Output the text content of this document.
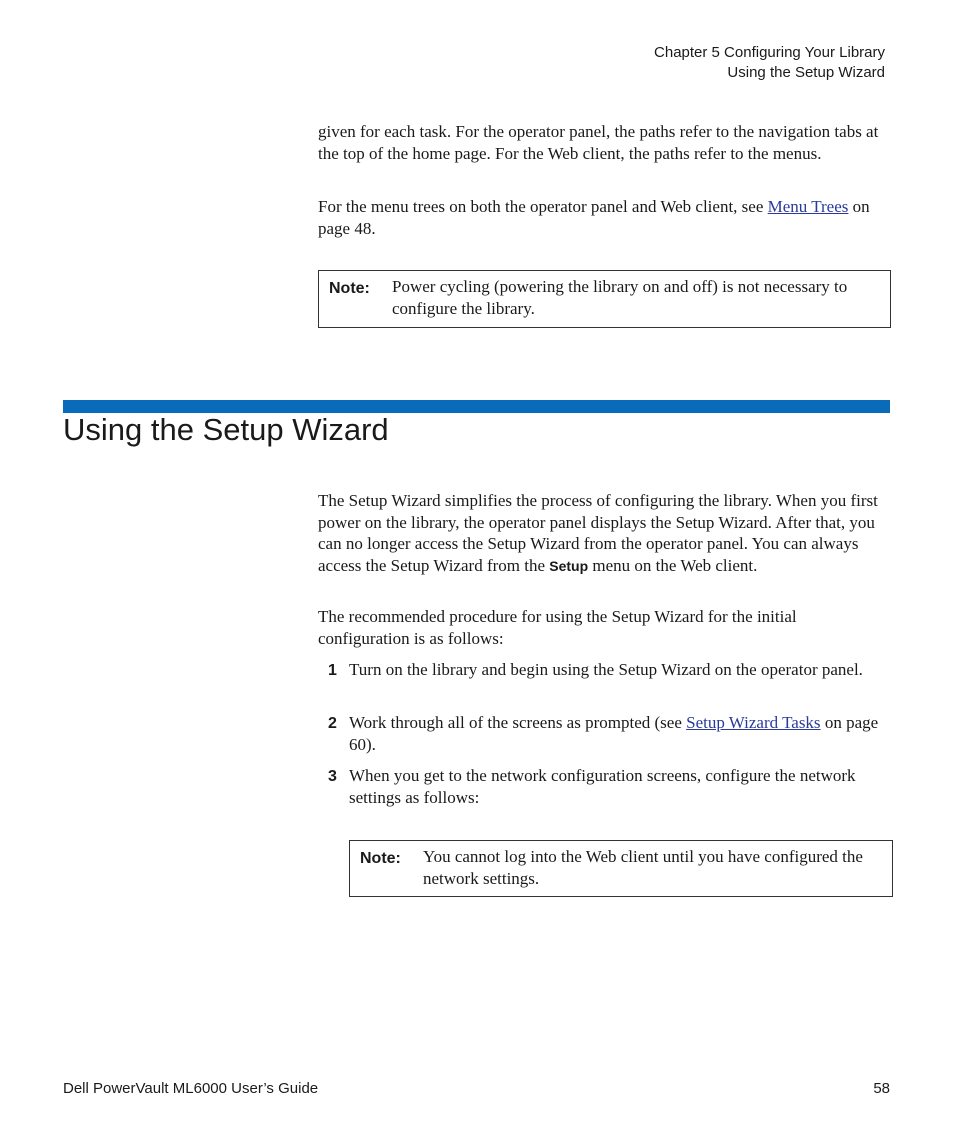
Chapter 5 Configuring Your Library
Using the Setup Wizard

given for each task. For the operator panel, the paths refer to the navigation tabs at the top of the home page. For the Web client, the paths refer to the menus.

For the menu trees on both the operator panel and Web client, see Menu Trees on page 48.

Note: Power cycling (powering the library on and off) is not necessary to configure the library.
Using the Setup Wizard

The Setup Wizard simplifies the process of configuring the library. When you first power on the library, the operator panel displays the Setup Wizard. After that, you can no longer access the Setup Wizard from the operator panel. You can always access the Setup Wizard from the Setup menu on the Web client.

The recommended procedure for using the Setup Wizard for the initial configuration is as follows:

1 Turn on the library and begin using the Setup Wizard on the operator panel.
2 Work through all of the screens as prompted (see Setup Wizard Tasks on page 60).
3 When you get to the network configuration screens, configure the network settings as follows:
Note: You cannot log into the Web client until you have configured the network settings.
Dell PowerVault ML6000 User’s Guide	58
